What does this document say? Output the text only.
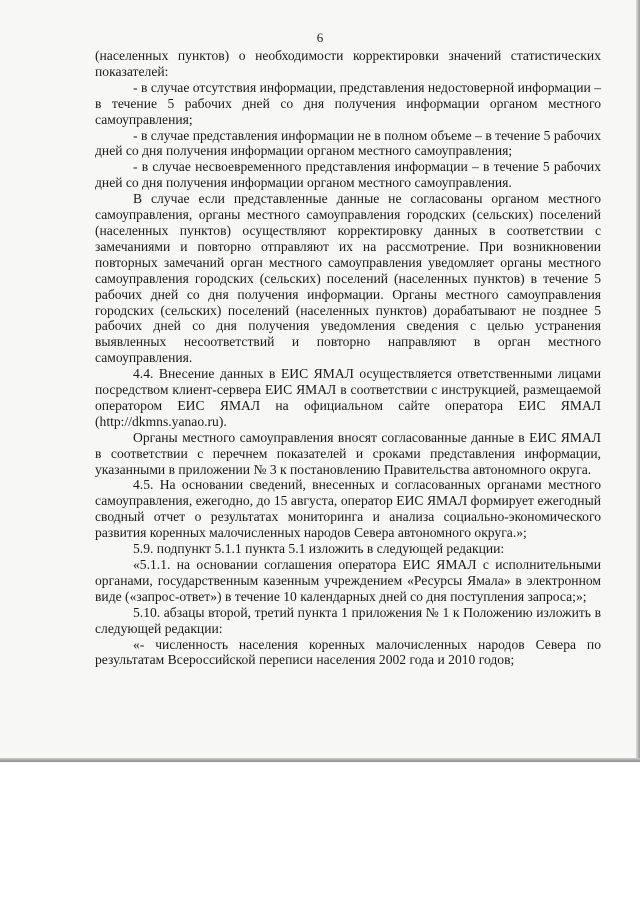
6

(населенных пунктов) о необходимости корректировки значений статистических показателей:

- в случае отсутствия информации, представления недостоверной информации – в течение 5 рабочих дней со дня получения информации органом местного самоуправления;

- в случае представления информации не в полном объеме – в течение 5 рабочих дней со дня получения информации органом местного самоуправления;

- в случае несвоевременного представления информации – в течение 5 рабочих дней со дня получения информации органом местного самоуправления.

В случае если представленные данные не согласованы органом местного самоуправления, органы местного самоуправления городских (сельских) поселений (населенных пунктов) осуществляют корректировку данных в соответствии с замечаниями и повторно отправляют их на рассмотрение. При возникновении повторных замечаний орган местного самоуправления уведомляет органы местного самоуправления городских (сельских) поселений (населенных пунктов) в течение 5 рабочих дней со дня получения информации. Органы местного самоуправления городских (сельских) поселений (населенных пунктов) дорабатывают не позднее 5 рабочих дней со дня получения уведомления сведения с целью устранения выявленных несоответствий и повторно направляют в орган местного самоуправления.

4.4. Внесение данных в ЕИС ЯМАЛ осуществляется ответственными лицами посредством клиент-сервера ЕИС ЯМАЛ в соответствии с инструкцией, размещаемой оператором ЕИС ЯМАЛ на официальном сайте оператора ЕИС ЯМАЛ (http://dkmns.yanao.ru).

Органы местного самоуправления вносят согласованные данные в ЕИС ЯМАЛ в соответствии с перечнем показателей и сроками представления информации, указанными в приложении № 3 к постановлению Правительства автономного округа.

4.5. На основании сведений, внесенных и согласованных органами местного самоуправления, ежегодно, до 15 августа, оператор ЕИС ЯМАЛ формирует ежегодный сводный отчет о результатах мониторинга и анализа социально-экономического развития коренных малочисленных народов Севера автономного округа.»;

5.9. подпункт 5.1.1 пункта 5.1 изложить в следующей редакции:

«5.1.1. на основании соглашения оператора ЕИС ЯМАЛ с исполнительными органами, государственным казенным учреждением «Ресурсы Ямала» в электронном виде («запрос-ответ») в течение 10 календарных дней со дня поступления запроса;»;

5.10. абзацы второй, третий пункта 1 приложения № 1 к Положению изложить в следующей редакции:

«- численность населения коренных малочисленных народов Севера по результатам Всероссийской переписи населения 2002 года и 2010 годов;
